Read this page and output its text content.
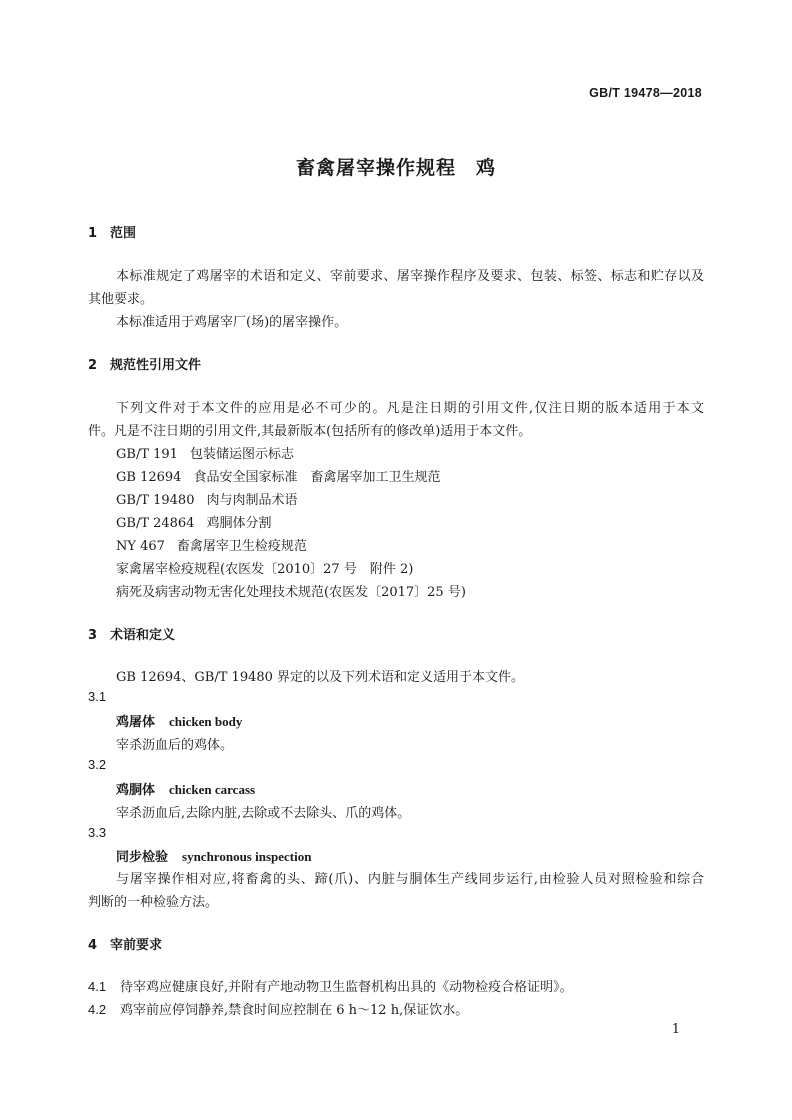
GB/T 19478—2018
畜禽屠宰操作规程　鸡
1 范围
本标准规定了鸡屠宰的术语和定义、宰前要求、屠宰操作程序及要求、包装、标签、标志和贮存以及
其他要求。
本标准适用于鸡屠宰厂(场)的屠宰操作。
2 规范性引用文件
下列文件对于本文件的应用是必不可少的。凡是注日期的引用文件,仅注日期的版本适用于本文
件。凡是不注日期的引用文件,其最新版本(包括所有的修改单)适用于本文件。
GB/T 191 包装储运图示标志
GB 12694 食品安全国家标准　畜禽屠宰加工卫生规范
GB/T 19480 肉与肉制品术语
GB/T 24864 鸡胴体分割
NY 467 畜禽屠宰卫生检疫规范
家禽屠宰检疫规程(农医发〔2010〕27 号　附件 2)
病死及病害动物无害化处理技术规范(农医发〔2017〕25 号)
3 术语和定义
GB 12694、GB/T 19480 界定的以及下列术语和定义适用于本文件。
3.1
鸡屠体 chicken body
宰杀沥血后的鸡体。
3.2
鸡胴体 chicken carcass
宰杀沥血后,去除内脏,去除或不去除头、爪的鸡体。
3.3
同步检验 synchronous inspection
与屠宰操作相对应,将畜禽的头、蹄(爪)、内脏与胴体生产线同步运行,由检验人员对照检验和综合
判断的一种检验方法。
4 宰前要求
4.1 待宰鸡应健康良好,并附有产地动物卫生监督机构出具的《动物检疫合格证明》。
4.2 鸡宰前应停饲静养,禁食时间应控制在 6 h～12 h,保证饮水。
1
